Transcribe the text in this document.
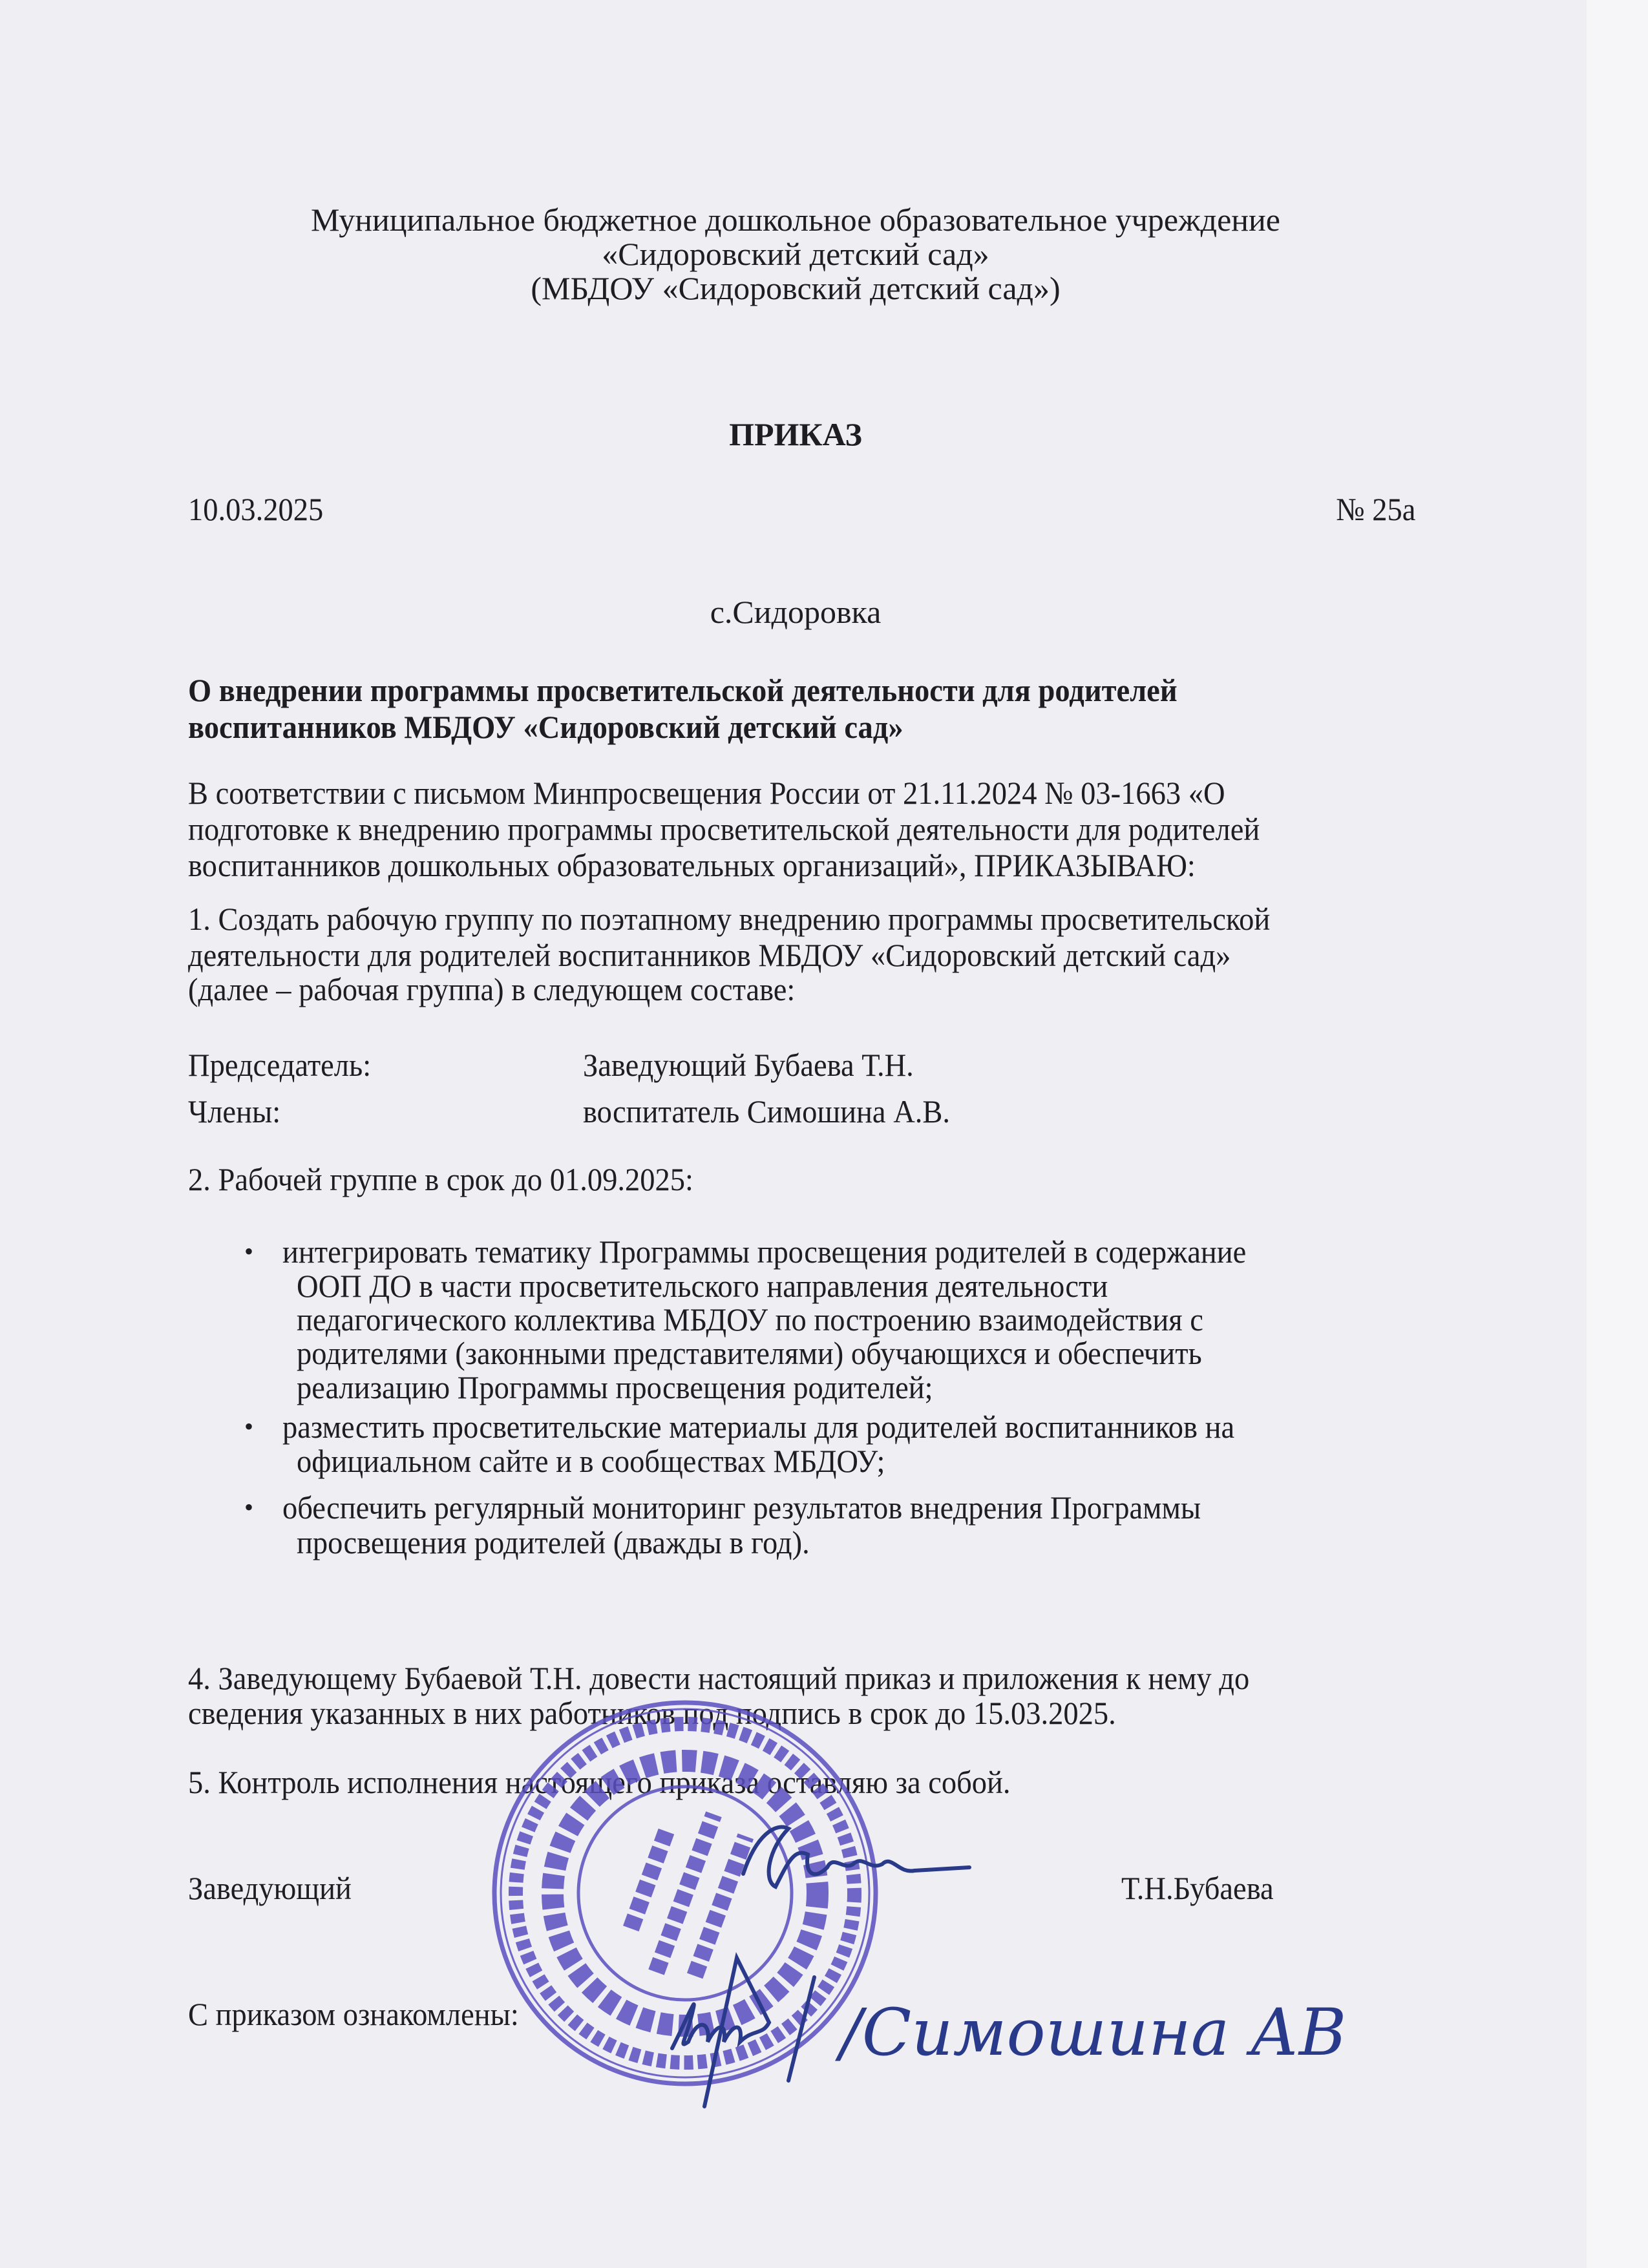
Муниципальное бюджетное дошкольное образовательное учреждение
«Сидоровский детский сад»
(МБДОУ «Сидоровский детский сад»)
ПРИКАЗ
10.03.2025	№ 25а
с.Сидоровка
О внедрении программы просветительской деятельности для родителей
воспитанников МБДОУ «Сидоровский детский сад»
В соответствии с письмом Минпросвещения России от 21.11.2024 № 03-1663 «О
подготовке к внедрению программы просветительской деятельности для родителей
воспитанников дошкольных образовательных организаций», ПРИКАЗЫВАЮ:
1. Создать рабочую группу по поэтапному внедрению программы просветительской
деятельности для родителей воспитанников МБДОУ «Сидоровский детский сад»
(далее – рабочая группа) в следующем составе:
Председатель:	Заведующий Бубаева Т.Н.
Члены:	воспитатель Симошина А.В.
2. Рабочей группе в срок до 01.09.2025:
• интегрировать тематику Программы просвещения родителей в содержание
ООП ДО в части просветительского направления деятельности
педагогического коллектива МБДОУ по построению взаимодействия с
родителями (законными представителями) обучающихся и обеспечить
реализацию Программы просвещения родителей;
• разместить просветительские материалы для родителей воспитанников на
официальном сайте и в сообществах МБДОУ;
• обеспечить регулярный мониторинг результатов внедрения Программы
просвещения родителей (дважды в год).
4. Заведующему Бубаевой Т.Н. довести настоящий приказ и приложения к нему до
сведения указанных в них работников под подпись в срок до 15.03.2025.
5. Контроль исполнения настоящего приказа оставляю за собой.
Заведующий	Т.Н.Бубаева
С приказом ознакомлены:	/Симошина АВ
